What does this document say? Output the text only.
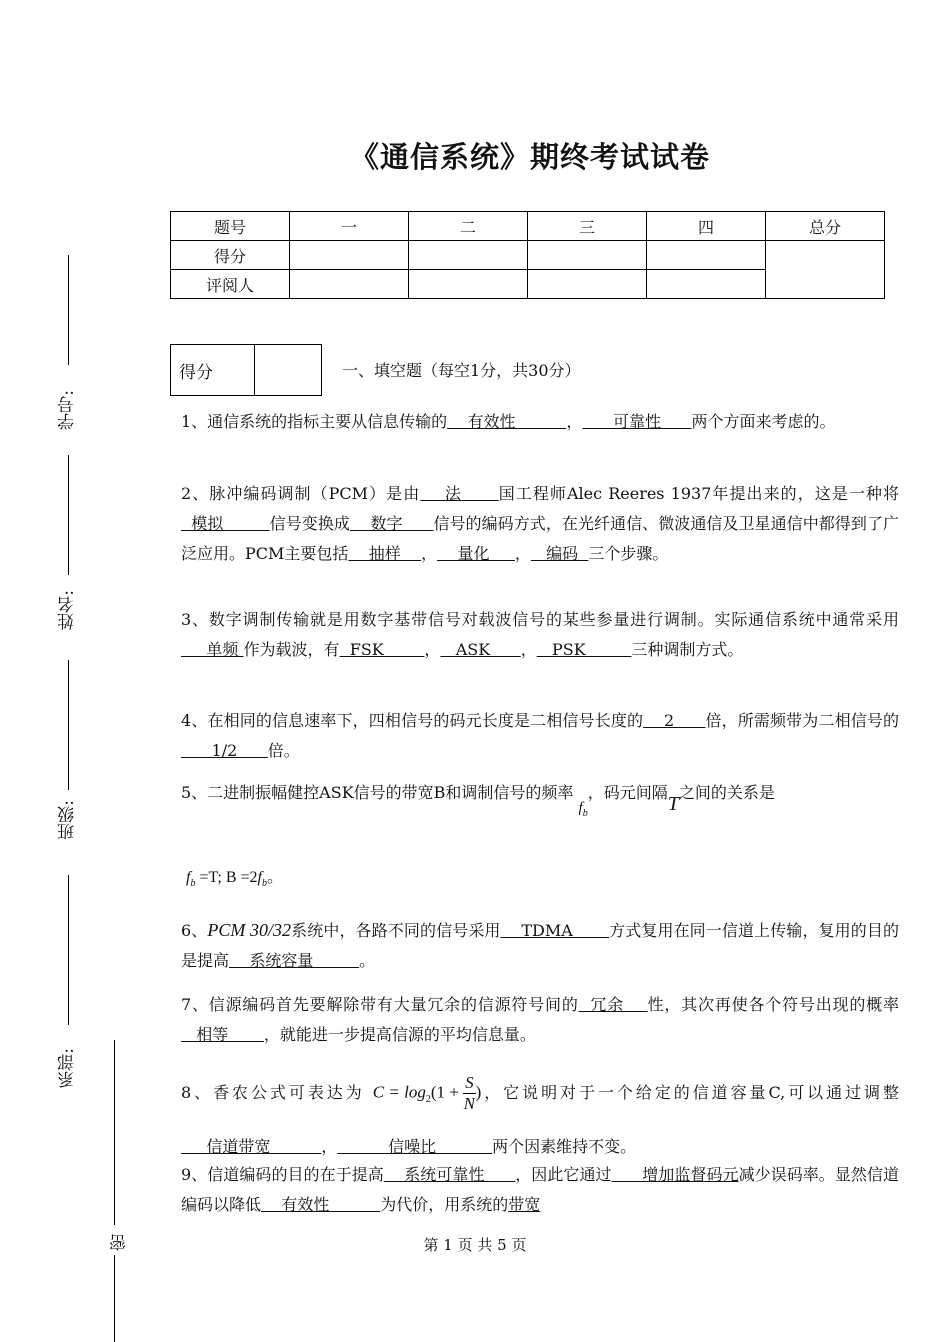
《通信系统》期终考试试卷
题号	一	二	三	四	总分
得分					
评阅人					
得分		一、填空题（每空1分，共30分）
1、通信系统的指标主要从信息传输的    有效性          ，      可靠性      两个方面来考虑的。
2、脉冲编码调制（PCM）是由    法      国工程师Alec Reeres 1937年提出来的，这是一种将  模拟         信号变换成    数字      信号的编码方式，在光纤通信、微波通信及卫星通信中都得到了广泛应用。PCM主要包括    抽样    ，    量化     ，   编码  三个步骤。
3、数字调制传输就是用数字基带信号对载波信号的某些参量进行调制。实际通信系统中通常采用     单频 作为载波，有  FSK        ，   ASK      ，   PSK         三种调制方式。
4、在相同的信息速率下，四相信号的码元长度是二相信号长度的    2      倍，所需频带为二相信号的      1/2      倍。
5、二进制振幅健控ASK信号的带宽B和调制信号的频率 $f_b$，码元间隔T之间的关系是
$f_b =T$; $B =2f_b$。
6、PCM 30/32系统中，各路不同的信号采用    TDMA       方式复用在同一信道上传输，复用的目的是提高    系统容量         。
7、信源编码首先要解除带有大量冗余的信源符号间的  冗余    性，其次再使各个符号出现的概率   相等       ，就能进一步提高信源的平均信息量。
8、香农公式可表达为 $C = \log_2(1 + \frac{S}{N}$ )，它说明对于一个给定的信道容量C,可以通过调整     信道带宽          ，          信噪比           两个因素维持不变。
9、信道编码的目的在于提高    系统可靠性      ，因此它通过      增加监督码元减少误码率。显然信道编码以降低    有效性          为代价，用系统的带宽
第 1 页 共 5 页
学号:
姓名:
班级:
系部:
密
